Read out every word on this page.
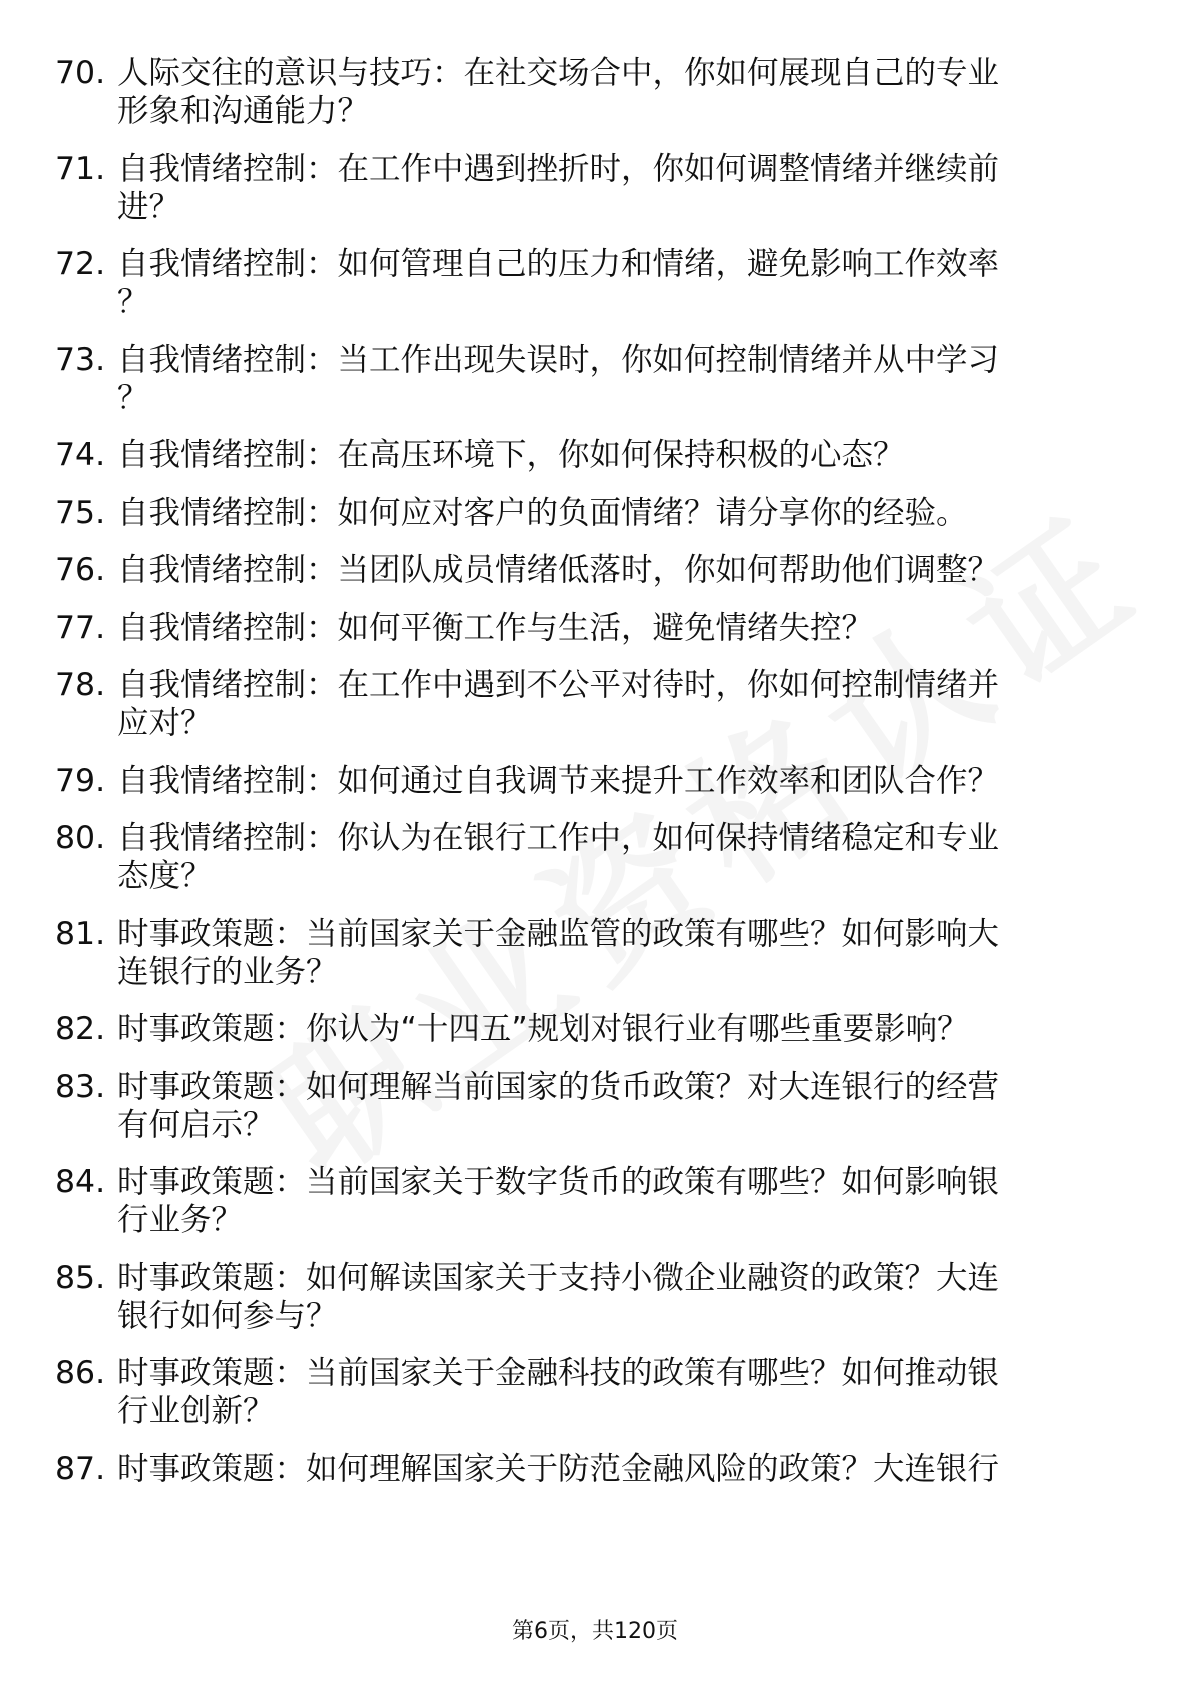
70. 人际交往的意识与技巧：在社交场合中，你如何展现自己的专业形象和沟通能力？
71. 自我情绪控制：在工作中遇到挫折时，你如何调整情绪并继续前进？
72. 自我情绪控制：如何管理自己的压力和情绪，避免影响工作效率？
73. 自我情绪控制：当工作出现失误时，你如何控制情绪并从中学习？
74. 自我情绪控制：在高压环境下，你如何保持积极的心态？
75. 自我情绪控制：如何应对客户的负面情绪？请分享你的经验。
76. 自我情绪控制：当团队成员情绪低落时，你如何帮助他们调整？
77. 自我情绪控制：如何平衡工作与生活，避免情绪失控？
78. 自我情绪控制：在工作中遇到不公平对待时，你如何控制情绪并应对？
79. 自我情绪控制：如何通过自我调节来提升工作效率和团队合作？
80. 自我情绪控制：你认为在银行工作中，如何保持情绪稳定和专业态度？
81. 时事政策题：当前国家关于金融监管的政策有哪些？如何影响大连银行的业务？
82. 时事政策题：你认为“十四五”规划对银行业有哪些重要影响？
83. 时事政策题：如何理解当前国家的货币政策？对大连银行的经营有何启示？
84. 时事政策题：当前国家关于数字货币的政策有哪些？如何影响银行业务？
85. 时事政策题：如何解读国家关于支持小微企业融资的政策？大连银行如何参与？
86. 时事政策题：当前国家关于金融科技的政策有哪些？如何推动银行业创新？
87. 时事政策题：如何理解国家关于防范金融风险的政策？大连银行
第6页，共120页
